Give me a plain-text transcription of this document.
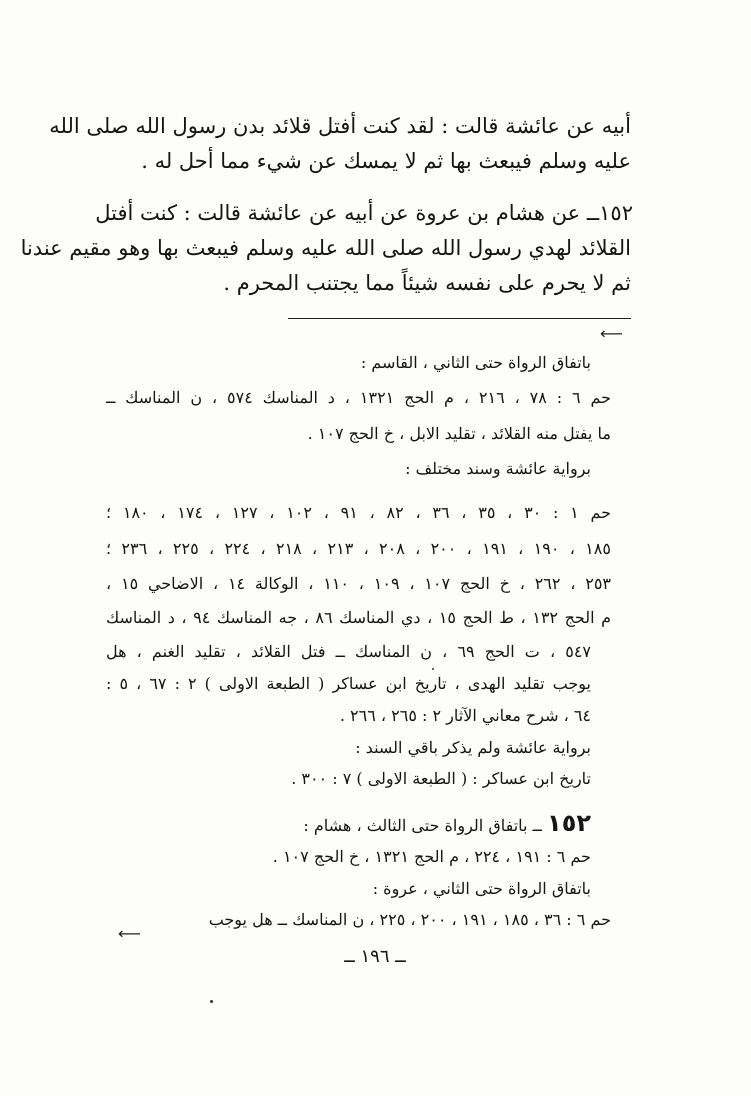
أبيه عن عائشة قالت : لقد كنت أفتل قلائد بدن رسول الله صلى الله
عليه وسلم فيبعث بها ثم لا يمسك عن شيء مما أحل له .
١٥٢ــ عن هشام بن عروة عن أبيه عن عائشة قالت : كنت أفتل
القلائد لهدي رسول الله صلى الله عليه وسلم فيبعث بها وهو مقيم عندنا
ثم لا يحرم على نفسه شيئاً مما يجتنب المحرم .
⟵
باتفاق الرواة حتى الثاني ، القاسم :
حم ٦ : ٧٨ ، ٢١٦ ، م الحج ١٣٢١ ، د المناسك ٥٧٤ ، ن المناسك ــ
ما يفتل منه القلائد ، تقليد الابل ، خ الحج ١٠٧ .
برواية عائشة وسند مختلف :
حم ١ : ٣٠ ، ٣٥ ، ٣٦ ، ٨٢ ، ٩١ ، ١٠٢ ، ١٢٧ ، ١٧٤ ، ١٨٠ ؛
١٨٥ ، ١٩٠ ، ١٩١ ، ٢٠٠ ، ٢٠٨ ، ٢١٣ ، ٢١٨ ، ٢٢٤ ، ٢٢٥ ، ٢٣٦ ؛
٢٥٣ ، ٢٦٢ ، خ الحج ١٠٧ ، ١٠٩ ، ١١٠ ، الوكالة ١٤ ، الاضاحي ١٥ ،
م الحج ١٣٢ ، ط الحج ١٥ ، دي المناسك ٨٦ ، جه المناسك ٩٤ ، د المناسك
٥٤٧ ، ت الحج ٦٩ ، ن المناسك ــ فتل القلائد ، تقليد الغنم ، هل
يوجب تقليد الهدى ، تاريخ ابن عساكر ( الطبعة الاولى ) ٢ : ٦٧ ، ٥ :
٦٤ ، شرح معاني الآثار ٢ : ٢٦٥ ، ٢٦٦ .
برواية عائشة ولم يذكر باقي السند :
تاريخ ابن عساكر : ( الطبعة الاولى ) ٧ : ٣٠٠ .
١٥٢ ــ باتفاق الرواة حتى الثالث ، هشام :
حم ٦ : ١٩١ ، ٢٢٤ ، م الحج ١٣٢١ ، خ الحج ١٠٧ .
باتفاق الرواة حتى الثاني ، عروة :
حم ٦ : ٣٦ ، ١٨٥ ، ١٩١ ، ٢٠٠ ، ٢٢٥ ، ن المناسك ــ هل يوجب
⟵
ــ ١٩٦ ــ
